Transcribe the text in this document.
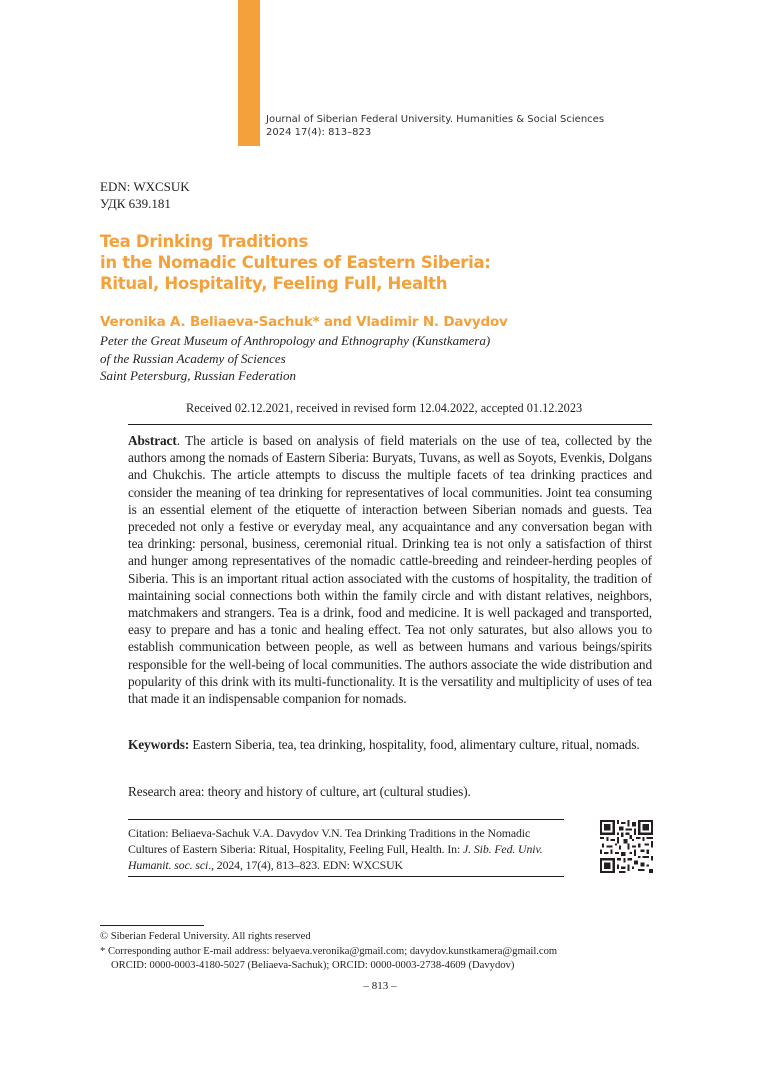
Journal of Siberian Federal University. Humanities & Social Sciences
2024 17(4): 813–823
EDN: WXCSUK
УДК 639.181
Tea Drinking Traditions
in the Nomadic Cultures of Eastern Siberia:
Ritual, Hospitality, Feeling Full, Health
Veronika A. Beliaeva-Sachuk* and Vladimir N. Davydov
Peter the Great Museum of Anthropology and Ethnography (Kunstkamera)
of the Russian Academy of Sciences
Saint Petersburg, Russian Federation
Received 02.12.2021, received in revised form 12.04.2022, accepted 01.12.2023
Abstract. The article is based on analysis of field materials on the use of tea, collected by the authors among the nomads of Eastern Siberia: Buryats, Tuvans, as well as Soyots, Evenkis, Dolgans and Chukchis. The article attempts to discuss the multiple facets of tea drinking practices and consider the meaning of tea drinking for representatives of local communities. Joint tea consuming is an essential element of the etiquette of interaction between Siberian nomads and guests. Tea preceded not only a festive or everyday meal, any acquaintance and any conversation began with tea drinking: personal, business, ceremonial ritual. Drinking tea is not only a satisfaction of thirst and hunger among representatives of the nomadic cattle-breeding and reindeer-herding peoples of Siberia. This is an important ritual action associated with the customs of hospitality, the tradition of maintaining social connections both within the family circle and with distant relatives, neighbors, matchmakers and strangers. Tea is a drink, food and medicine. It is well packaged and transported, easy to prepare and has a tonic and healing effect. Tea not only saturates, but also allows you to establish communication between people, as well as between humans and various beings/spirits responsible for the well-being of local communities. The authors associate the wide distribution and popularity of this drink with its multi-functionality. It is the versatility and multiplicity of uses of tea that made it an indispensable companion for nomads.
Keywords: Eastern Siberia, tea, tea drinking, hospitality, food, alimentary culture, ritual, nomads.
Research area: theory and history of culture, art (cultural studies).
Citation: Beliaeva-Sachuk V.A. Davydov V.N. Tea Drinking Traditions in the Nomadic Cultures of Eastern Siberia: Ritual, Hospitality, Feeling Full, Health. In: J. Sib. Fed. Univ. Humanit. soc. sci., 2024, 17(4), 813–823. EDN: WXCSUK
© Siberian Federal University. All rights reserved
* Corresponding author E-mail address: belyaeva.veronika@gmail.com; davydov.kunstkamera@gmail.com
ORCID: 0000-0003-4180-5027 (Beliaeva-Sachuk); ORCID: 0000-0003-2738-4609 (Davydov)
– 813 –
